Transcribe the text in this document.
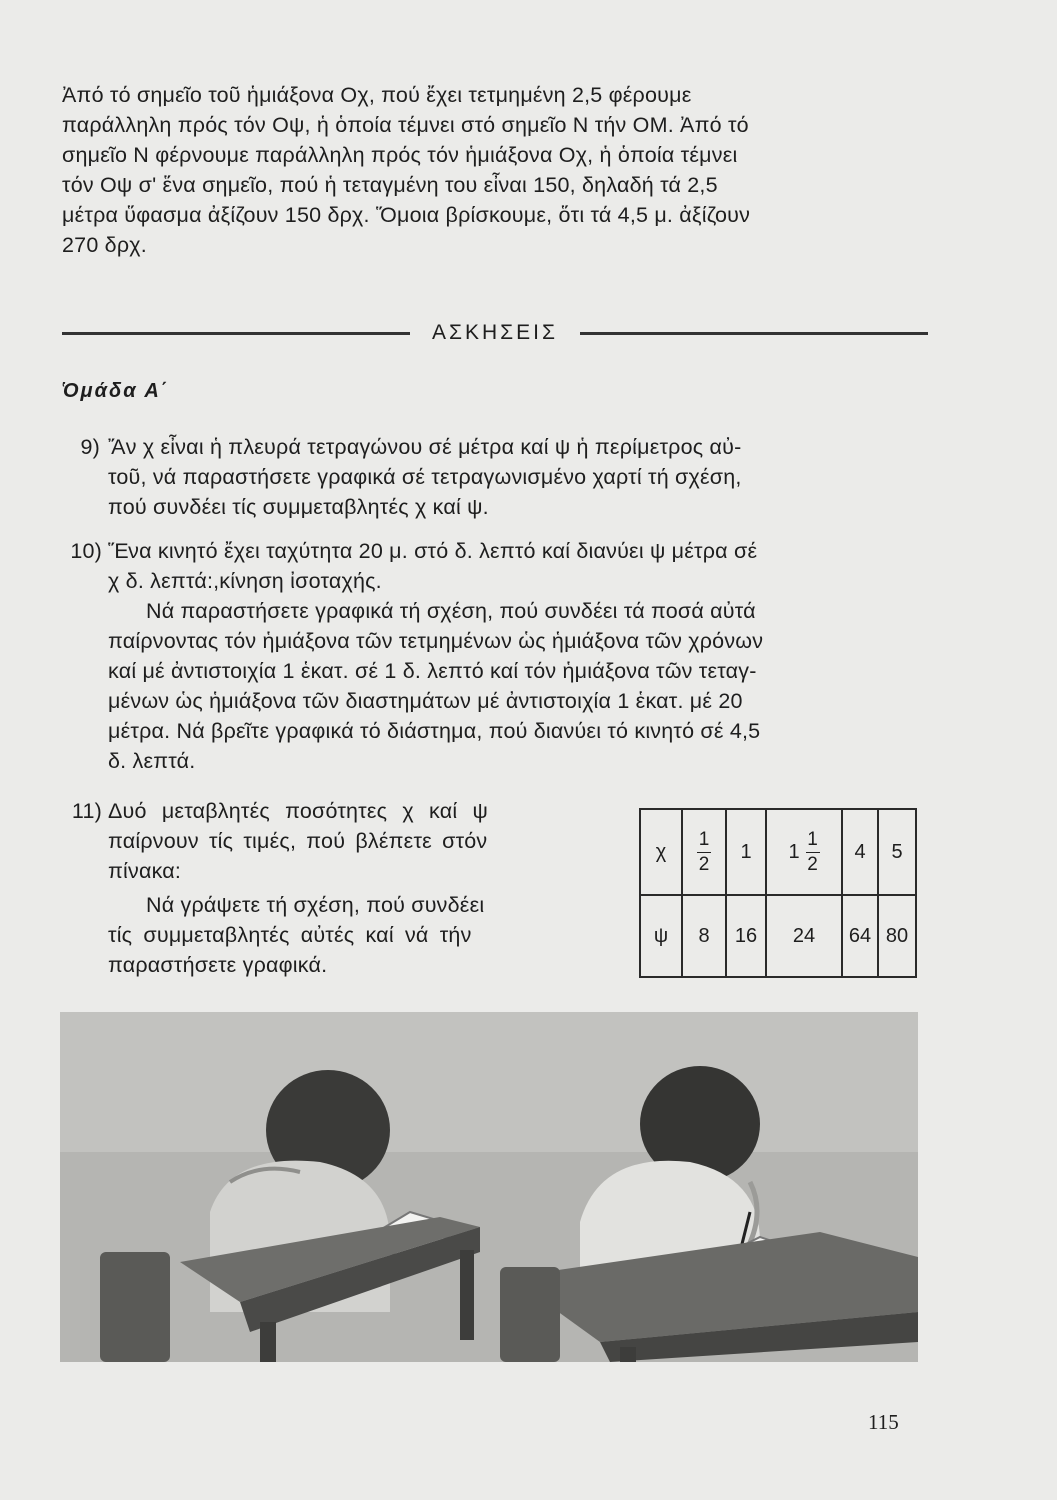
Ἀπό τό σημεῖο τοῦ ἡμιάξονα Οχ, πού ἔχει τετμημένη 2,5 φέρουμε
παράλληλη πρός τόν Οψ, ἡ ὁποία τέμνει στό σημεῖο Ν τήν ΟΜ. Ἀπό τό
σημεῖο Ν φέρνουμε παράλληλη πρός τόν ἡμιάξονα Οχ, ἡ ὁποία τέμνει
τόν Οψ σ' ἕνα σημεῖο, πού ἡ τεταγμένη του εἶναι 150, δηλαδή τά 2,5
μέτρα ὕφασμα ἀξίζουν 150 δρχ. Ὅμοια βρίσκουμε, ὅτι τά 4,5 μ. ἀξίζουν
270 δρχ.
ΑΣΚΗΣΕΙΣ
Ὁμάδα Α΄
9) Ἄν χ εἶναι ἡ πλευρά τετραγώνου σέ μέτρα καί ψ ἡ περίμετρος αὐ-
τοῦ, νά παραστήσετε γραφικά σέ τετραγωνισμένο χαρτί τή σχέση,
πού συνδέει τίς συμμεταβλητές χ καί ψ.
10) Ἕνα κινητό ἔχει ταχύτητα 20 μ. στό δ. λεπτό καί διανύει ψ μέτρα σέ
χ δ. λεπτά:,κίνηση ἰσοταχής.
Νά παραστήσετε γραφικά τή σχέση, πού συνδέει τά ποσά αὐτά
παίρνοντας τόν ἡμιάξονα τῶν τετμημένων ὡς ἡμιάξονα τῶν χρόνων
καί μέ ἀντιστοιχία 1 ἑκατ. σέ 1 δ. λεπτό καί τόν ἡμιάξονα τῶν τεταγ-
μένων ὡς ἡμιάξονα τῶν διαστημάτων μέ ἀντιστοιχία 1 ἑκατ. μέ 20
μέτρα. Νά βρεῖτε γραφικά τό διάστημα, πού διανύει τό κινητό σέ 4,5
δ. λεπτά.
11) Δυό μεταβλητές ποσότητες χ καί ψ
παίρνουν τίς τιμές, πού βλέπετε στόν
πίνακα:
Νά γράψετε τή σχέση, πού συνδέει
τίς συμμεταβλητές αὐτές καί νά τήν
παραστήσετε γραφικά.
χ	$\frac{1}{2}$	1	$1 \frac{1}{2}$	4	5
ψ	8	16	24	64	80
115
